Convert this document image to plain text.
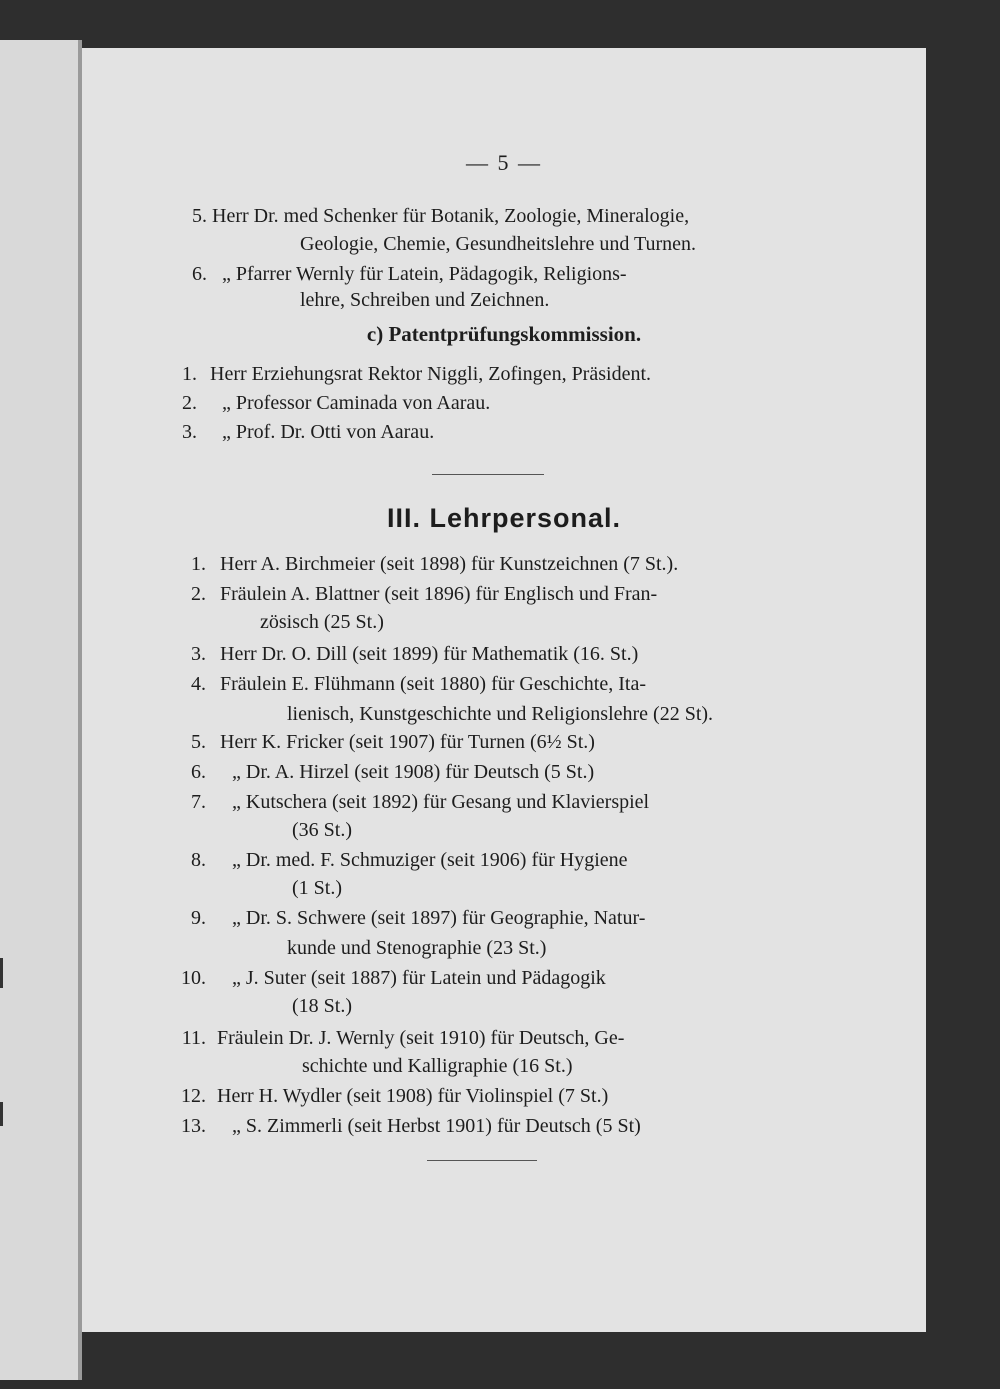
— 5 —
5. Herr Dr. med Schenker für Botanik, Zoologie, Mineralogie,
Geologie, Chemie, Gesundheitslehre und Turnen.
6. „ Pfarrer Wernly für Latein, Pädagogik, Religions-
lehre, Schreiben und Zeichnen.
c) Patentprüfungskommission.
1. Herr Erziehungsrat Rektor Niggli, Zofingen, Präsident.
2. „ Professor Caminada von Aarau.
3. „ Prof. Dr. Otti von Aarau.
III. Lehrpersonal.
1. Herr A. Birchmeier (seit 1898) für Kunstzeichnen (7 St.).
2. Fräulein A. Blattner (seit 1896) für Englisch und Fran-
zösisch (25 St.)
3. Herr Dr. O. Dill (seit 1899) für Mathematik (16. St.)
4. Fräulein E. Flühmann (seit 1880) für Geschichte, Ita-
lienisch, Kunstgeschichte und Religionslehre (22 St).
5. Herr K. Fricker (seit 1907) für Turnen (6½ St.)
6. „ Dr. A. Hirzel (seit 1908) für Deutsch (5 St.)
7. „ Kutschera (seit 1892) für Gesang und Klavierspiel
(36 St.)
8. „ Dr. med. F. Schmuziger (seit 1906) für Hygiene
(1 St.)
9. „ Dr. S. Schwere (seit 1897) für Geographie, Natur-
kunde und Stenographie (23 St.)
10. „ J. Suter (seit 1887) für Latein und Pädagogik
(18 St.)
11. Fräulein Dr. J. Wernly (seit 1910) für Deutsch, Ge-
schichte und Kalligraphie (16 St.)
12. Herr H. Wydler (seit 1908) für Violinspiel (7 St.)
13. „ S. Zimmerli (seit Herbst 1901) für Deutsch (5 St)
